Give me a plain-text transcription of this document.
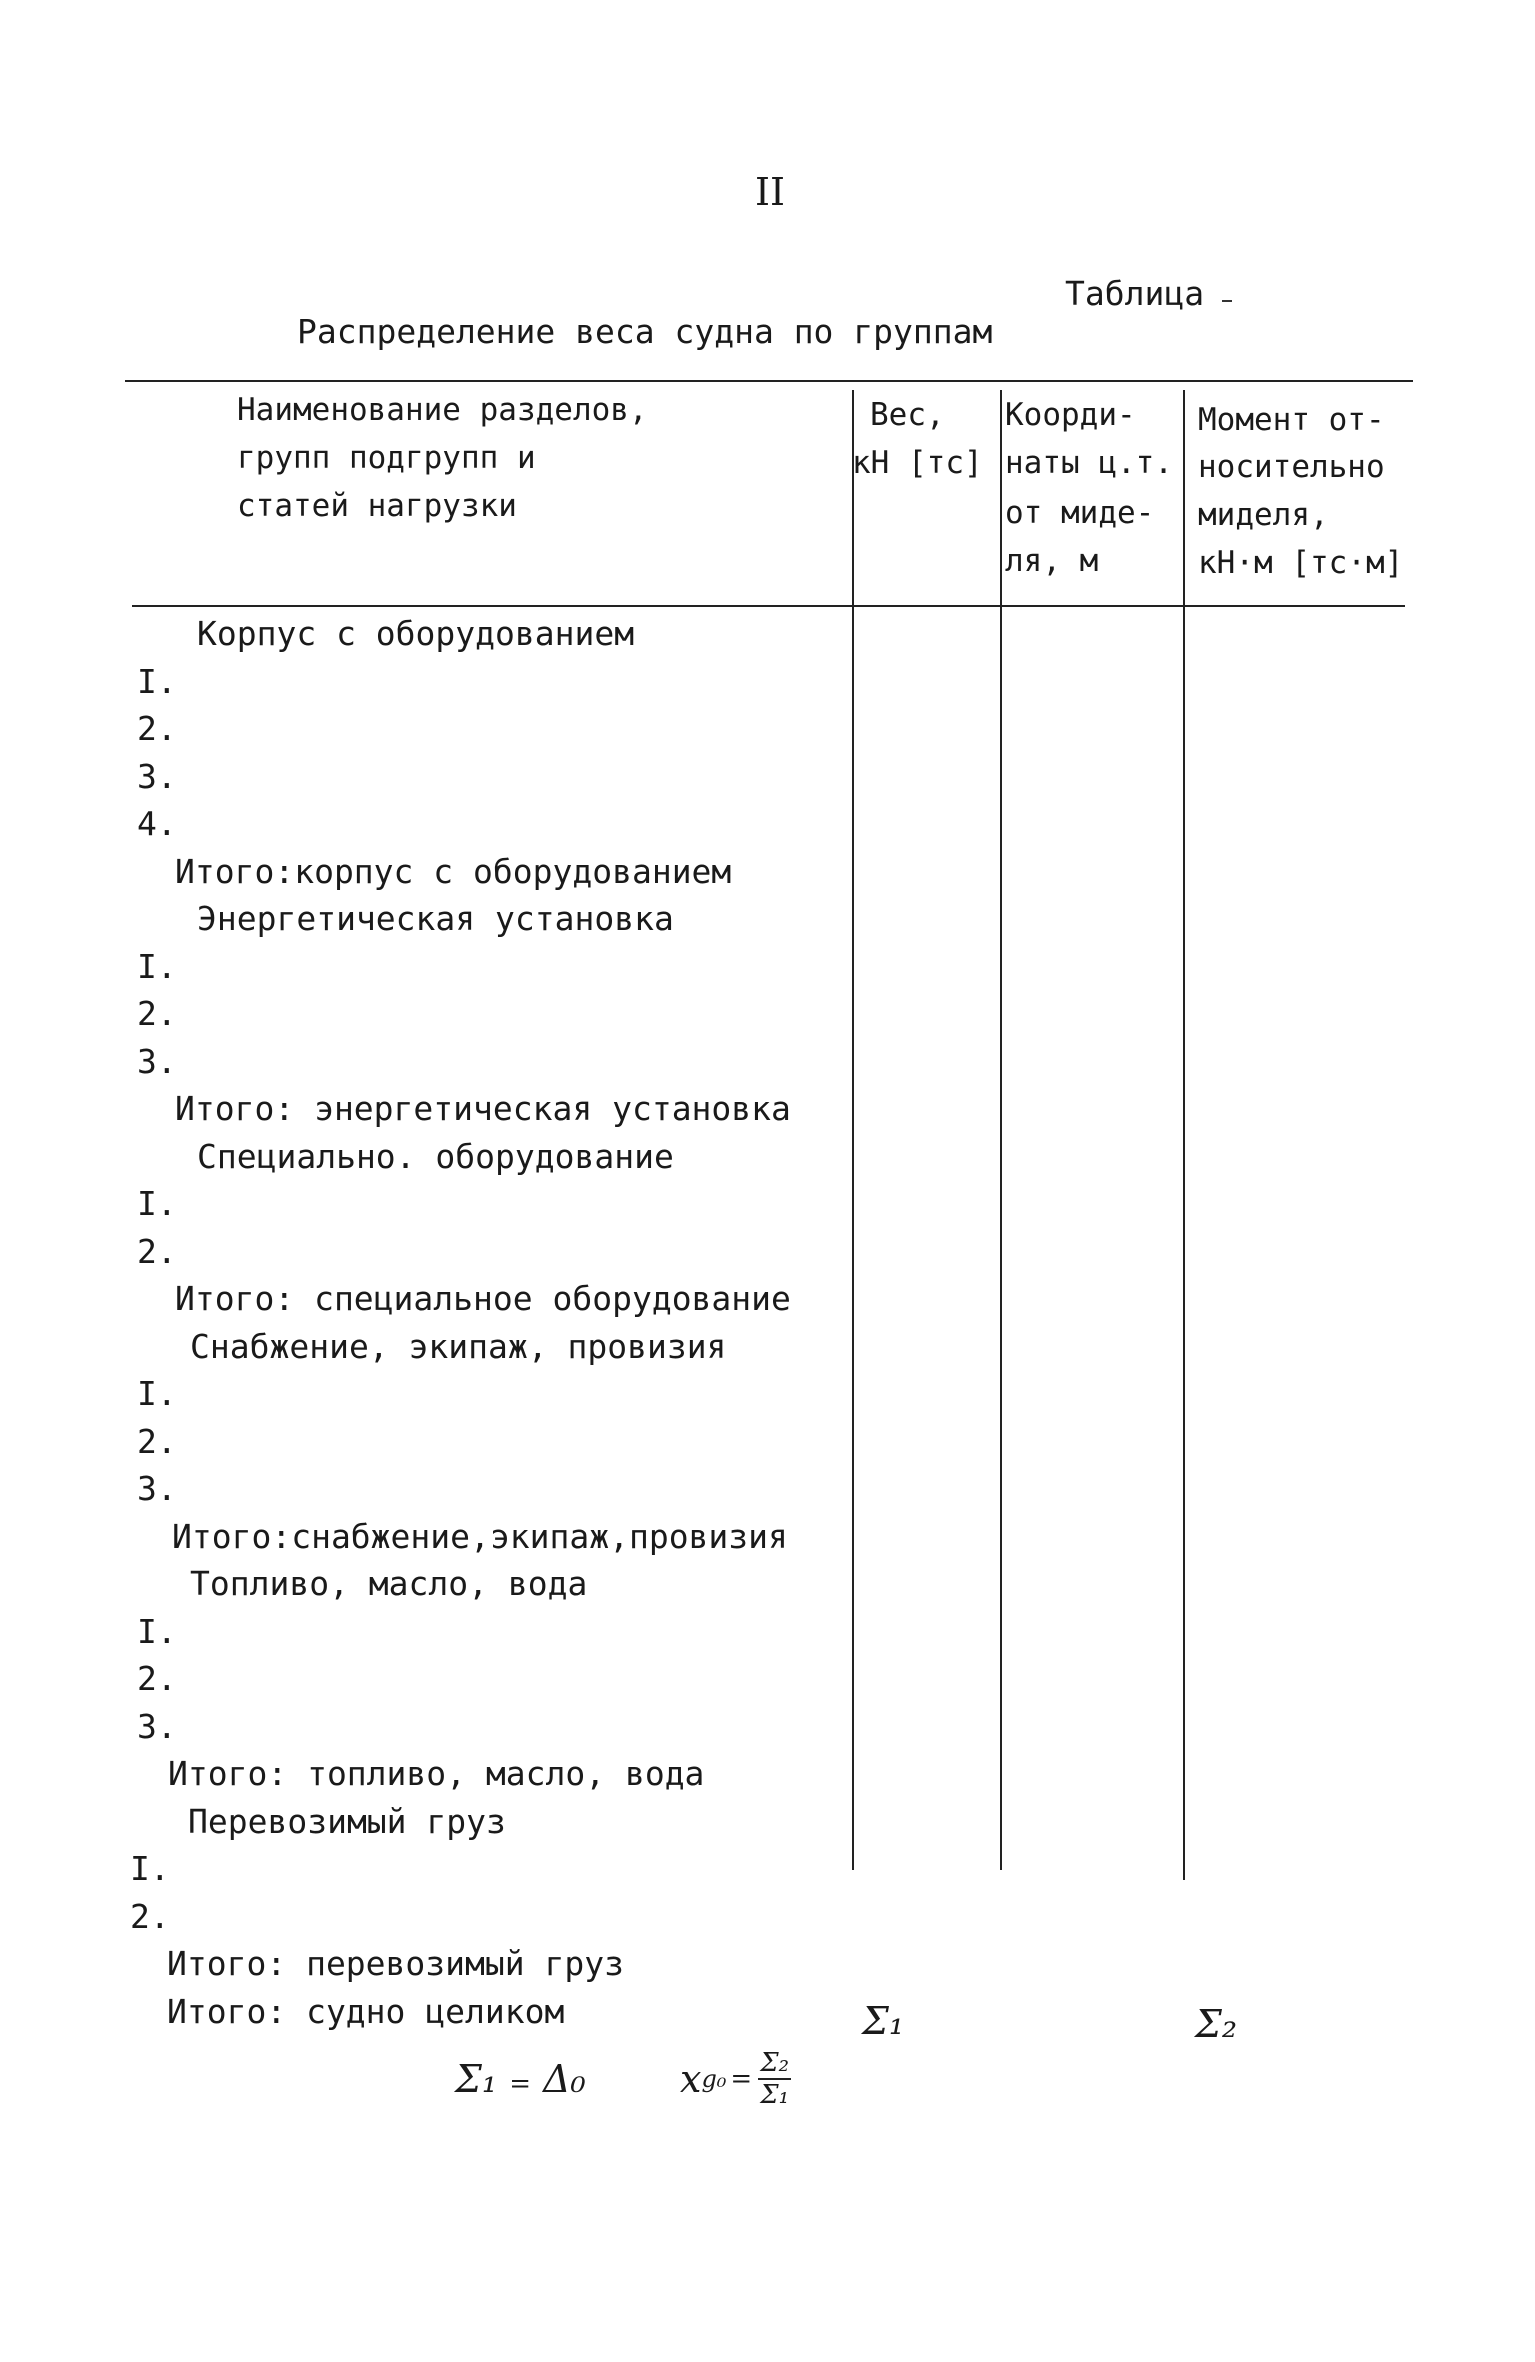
II
Таблица
Распределение веса судна по группам
Наименование разделов,
групп подгрупп и
статей нагрузки
Вес,
кН [тс]
Коорди-
наты ц.т.
от миде-
ля, м
Момент от-
носительно
миделя,
кН·м [тс·м]
Корпус с оборудованием
I.
2.
3.
4.
Итого:корпус с оборудованием
Энергетическая установка
I.
2.
3.
Итого: энергетическая установка
Специально. оборудование
I.
2.
Итого: специальное оборудование
Снабжение, экипаж, провизия
I.
2.
3.
Итого:снабжение,экипаж,провизия
Топливо, масло, вода
I.
2.
3.
Итого: топливо, масло, вода
Перевозимый груз
I.
2.
Итого: перевозимый груз
Итого: судно целиком	Σ₁	Σ₂
Σ₁ = Δ₀ x $g_0 = \frac{\text{Σ₂}}{\text{Σ₁}}$
